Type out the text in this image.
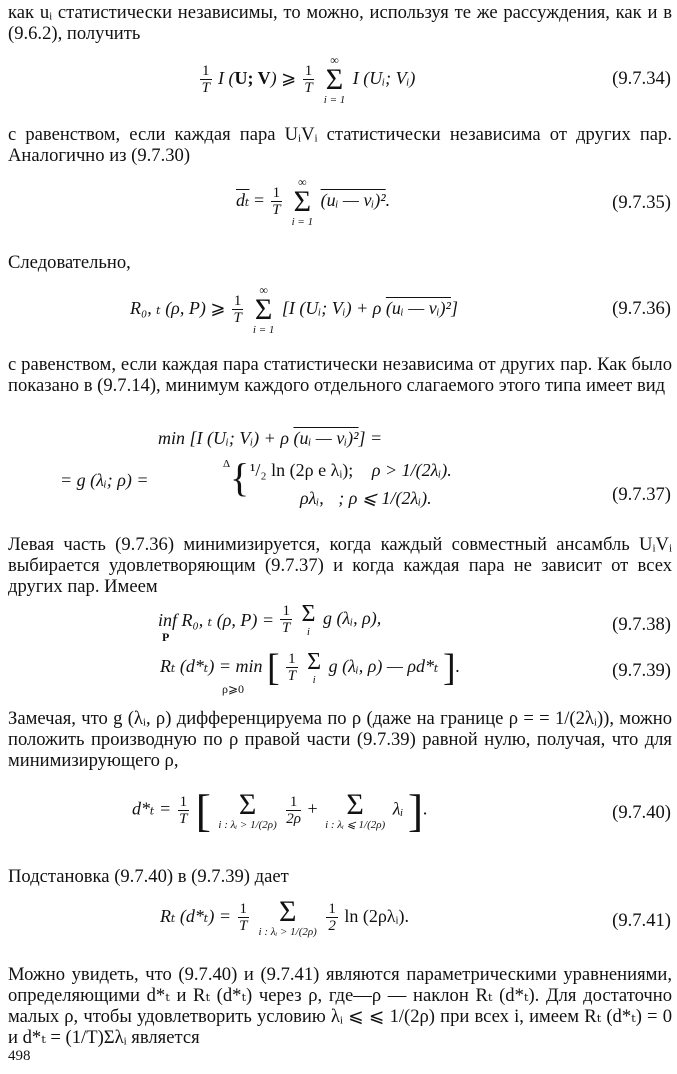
как uᵢ статистически независимы, то можно, используя те же рассуждения, как и в (9.6.2), получить

$\frac{1}{T}$ I (U; V) ⩾ $\frac{1}{T}$

∞
Σ
i = 1
I (Uᵢ; Vᵢ)	(9.7.34)

с равенством, если каждая пара UᵢVᵢ статистически независима от других пар. Аналогично из (9.7.30)

$\overline{d_t} = \frac{1}{T}$

∞
Σ
i = 1
(uᵢ — vᵢ)².	(9.7.35)

Следовательно,

R₀, ₜ (ρ, P) ⩾ $\frac{1}{T}$

∞
Σ
i = 1
[I (Uᵢ; Vᵢ) + ρ (uᵢ — vᵢ)²]	(9.7.36)

с равенством, если каждая пара статистически независима от других пар. Как было показано в (9.7.14), минимум каждого отдельного слагаемого этого типа имеет вид

min [I (Uᵢ; Vᵢ) + ρ (uᵢ — vᵢ)²] =
= g (λᵢ; ρ) =
Δ { ¹/₂ ln (2ρ e λᵢ); ρ > 1/(2λᵢ).
ρλᵢ, ; ρ ⩽ 1/(2λᵢ).	(9.7.37)

Левая часть (9.7.36) минимизируется, когда каждый совместный ансамбль UᵢVᵢ выбирается удовлетворяющим (9.7.37) и когда каждая пара не зависит от всех других пар. Имеем

inf R₀, ₜ (ρ, P) =
$\frac{1}{T}$
Σ
i
g (λᵢ, ρ),
P
(9.7.38)
Rₜ (d*ₜ) = min [ $\frac{1}{T}$
Σ
i
g (λᵢ, ρ) — ρd*ₜ ].
ρ⩾0
(9.7.39)

Замечая, что g (λᵢ, ρ) дифференцируема по ρ (даже на границе ρ = = 1/(2λᵢ)), можно положить производную по ρ правой части (9.7.39) равной нулю, получая, что для минимизирующего ρ,

$d*_t = \frac{1}{T}$ [ Σ
i : λᵢ > 1/(2ρ)
$\frac{1}{2\rho} + \Sigma$
i : λᵢ ⩽ 1/(2ρ)
λᵢ ].	(9.7.40)

Подстановка (9.7.40) в (9.7.39) дает

Rₜ $(d*_t) = \frac{1}{T}$
Σ
i : λᵢ > 1/(2ρ)
$\frac{1}{2}$ ln (2ρλᵢ).	(9.7.41)

Можно увидеть, что (9.7.40) и (9.7.41) являются параметрическими уравнениями, определяющими d*ₜ и Rₜ (d*ₜ) через ρ, где—ρ — наклон Rₜ (d*ₜ). Для достаточно малых ρ, чтобы удовлетворить условию λᵢ ⩽ ⩽ 1/(2ρ) при всех i, имеем Rₜ (d*ₜ) = 0 и d*ₜ = (1/T)Σλᵢ является

498
